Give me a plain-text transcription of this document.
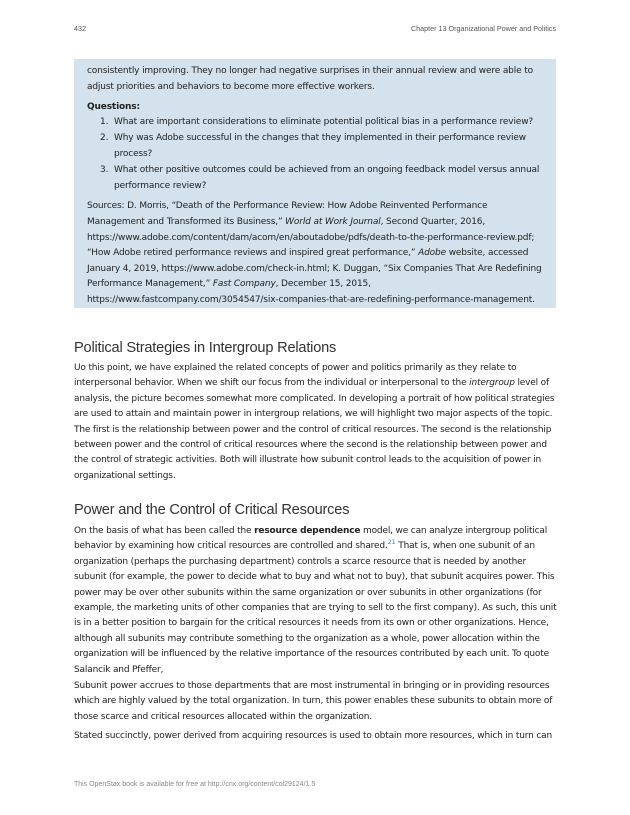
432	Chapter 13 Organizational Power and Politics

consistently improving. They no longer had negative surprises in their annual review and were able to adjust priorities and behaviors to become more effective workers.

Questions:

1. What are important considerations to eliminate potential political bias in a performance review?
2. Why was Adobe successful in the changes that they implemented in their performance review process?
3. What other positive outcomes could be achieved from an ongoing feedback model versus annual performance review?

Sources: D. Morris, “Death of the Performance Review: How Adobe Reinvented Performance Management and Transformed its Business,” World at Work Journal, Second Quarter, 2016, https://www.adobe.com/content/dam/acom/en/aboutadobe/pdfs/death-to-the-performance-review.pdf; “How Adobe retired performance reviews and inspired great performance,” Adobe website, accessed January 4, 2019, https://www.adobe.com/check-in.html; K. Duggan, “Six Companies That Are Redefining Performance Management,” Fast Company, December 15, 2015, https://www.fastcompany.com/3054547/six-companies-that-are-redefining-performance-management.

Political Strategies in Intergroup Relations

Uo this point, we have explained the related concepts of power and politics primarily as they relate to interpersonal behavior. When we shift our focus from the individual or interpersonal to the intergroup level of analysis, the picture becomes somewhat more complicated. In developing a portrait of how political strategies are used to attain and maintain power in intergroup relations, we will highlight two major aspects of the topic. The first is the relationship between power and the control of critical resources. The second is the relationship between power and the control of critical resources where the second is the relationship between power and the control of strategic activities. Both will illustrate how subunit control leads to the acquisition of power in organizational settings.

Power and the Control of Critical Resources

On the basis of what has been called the resource dependence model, we can analyze intergroup political behavior by examining how critical resources are controlled and shared.$^{21}$ That is, when one subunit of an organization (perhaps the purchasing department) controls a scarce resource that is needed by another subunit (for example, the power to decide what to buy and what not to buy), that subunit acquires power. This power may be over other subunits within the same organization or over subunits in other organizations (for example, the marketing units of other companies that are trying to sell to the first company). As such, this unit is in a better position to bargain for the critical resources it needs from its own or other organizations. Hence, although all subunits may contribute something to the organization as a whole, power allocation within the organization will be influenced by the relative importance of the resources contributed by each unit. To quote Salancik and Pfeffer,

Subunit power accrues to those departments that are most instrumental in bringing or in providing resources which are highly valued by the total organization. In turn, this power enables these subunits to obtain more of those scarce and critical resources allocated within the organization.

Stated succinctly, power derived from acquiring resources is used to obtain more resources, which in turn can

This OpenStax book is available for free at http://cnx.org/content/col29124/1.5
